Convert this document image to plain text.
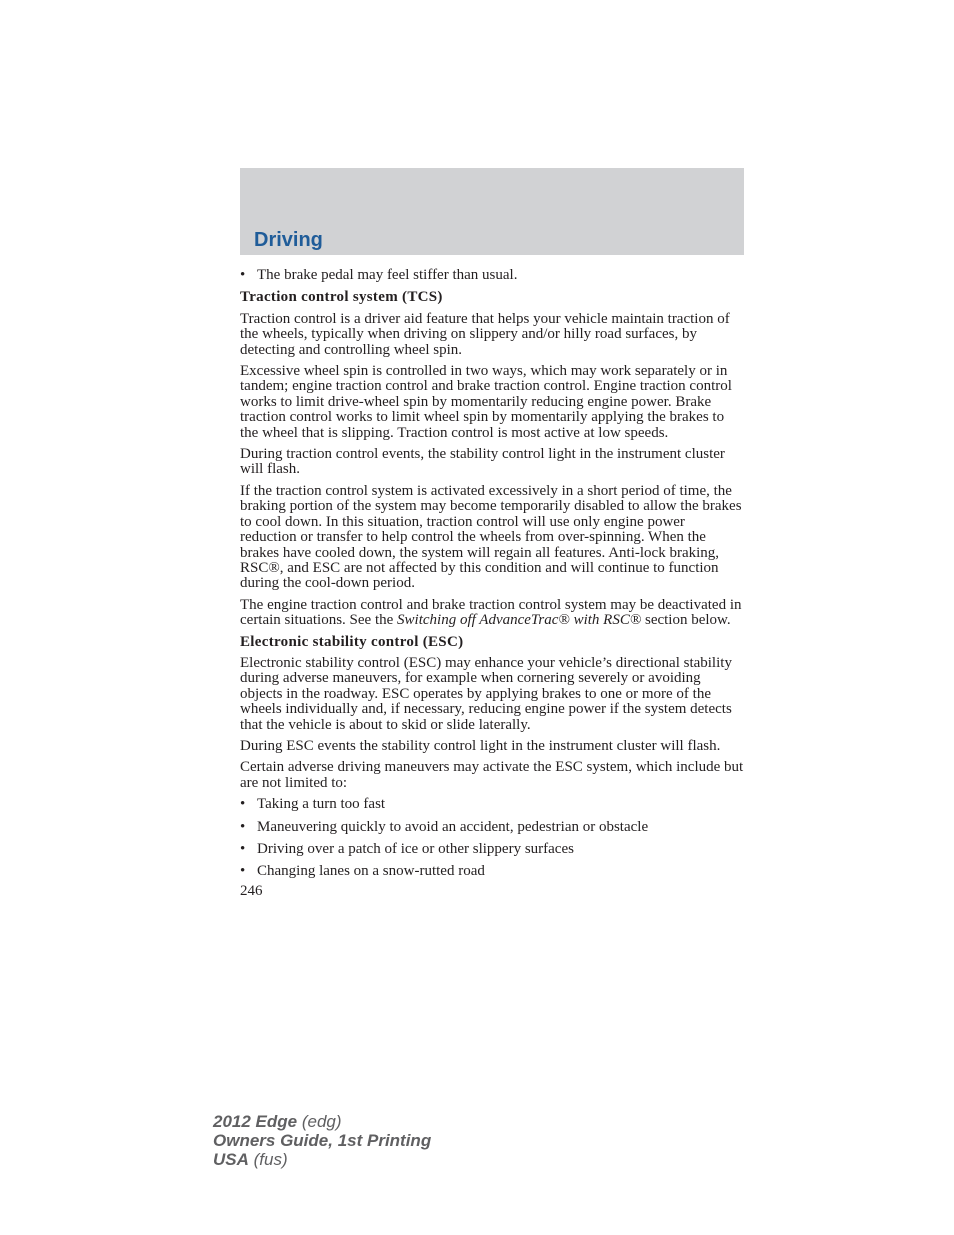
Driving
• The brake pedal may feel stiffer than usual.
Traction control system (TCS)

Traction control is a driver aid feature that helps your vehicle maintain traction of the wheels, typically when driving on slippery and/or hilly road surfaces, by detecting and controlling wheel spin.

Excessive wheel spin is controlled in two ways, which may work separately or in tandem; engine traction control and brake traction control. Engine traction control works to limit drive-wheel spin by momentarily reducing engine power. Brake traction control works to limit wheel spin by momentarily applying the brakes to the wheel that is slipping. Traction control is most active at low speeds.

During traction control events, the stability control light in the instrument cluster will flash.

If the traction control system is activated excessively in a short period of time, the braking portion of the system may become temporarily disabled to allow the brakes to cool down. In this situation, traction control will use only engine power reduction or transfer to help control the wheels from over-spinning. When the brakes have cooled down, the system will regain all features. Anti-lock braking, RSC®, and ESC are not affected by this condition and will continue to function during the cool-down period.

The engine traction control and brake traction control system may be deactivated in certain situations. See the Switching off AdvanceTrac® with RSC® section below.

Electronic stability control (ESC)

Electronic stability control (ESC) may enhance your vehicle’s directional stability during adverse maneuvers, for example when cornering severely or avoiding objects in the roadway. ESC operates by applying brakes to one or more of the wheels individually and, if necessary, reducing engine power if the system detects that the vehicle is about to skid or slide laterally.

During ESC events the stability control light in the instrument cluster will flash.

Certain adverse driving maneuvers may activate the ESC system, which include but are not limited to:

• Taking a turn too fast
• Maneuvering quickly to avoid an accident, pedestrian or obstacle
• Driving over a patch of ice or other slippery surfaces
• Changing lanes on a snow-rutted road
246
2012 Edge (edg)
Owners Guide, 1st Printing
USA (fus)
